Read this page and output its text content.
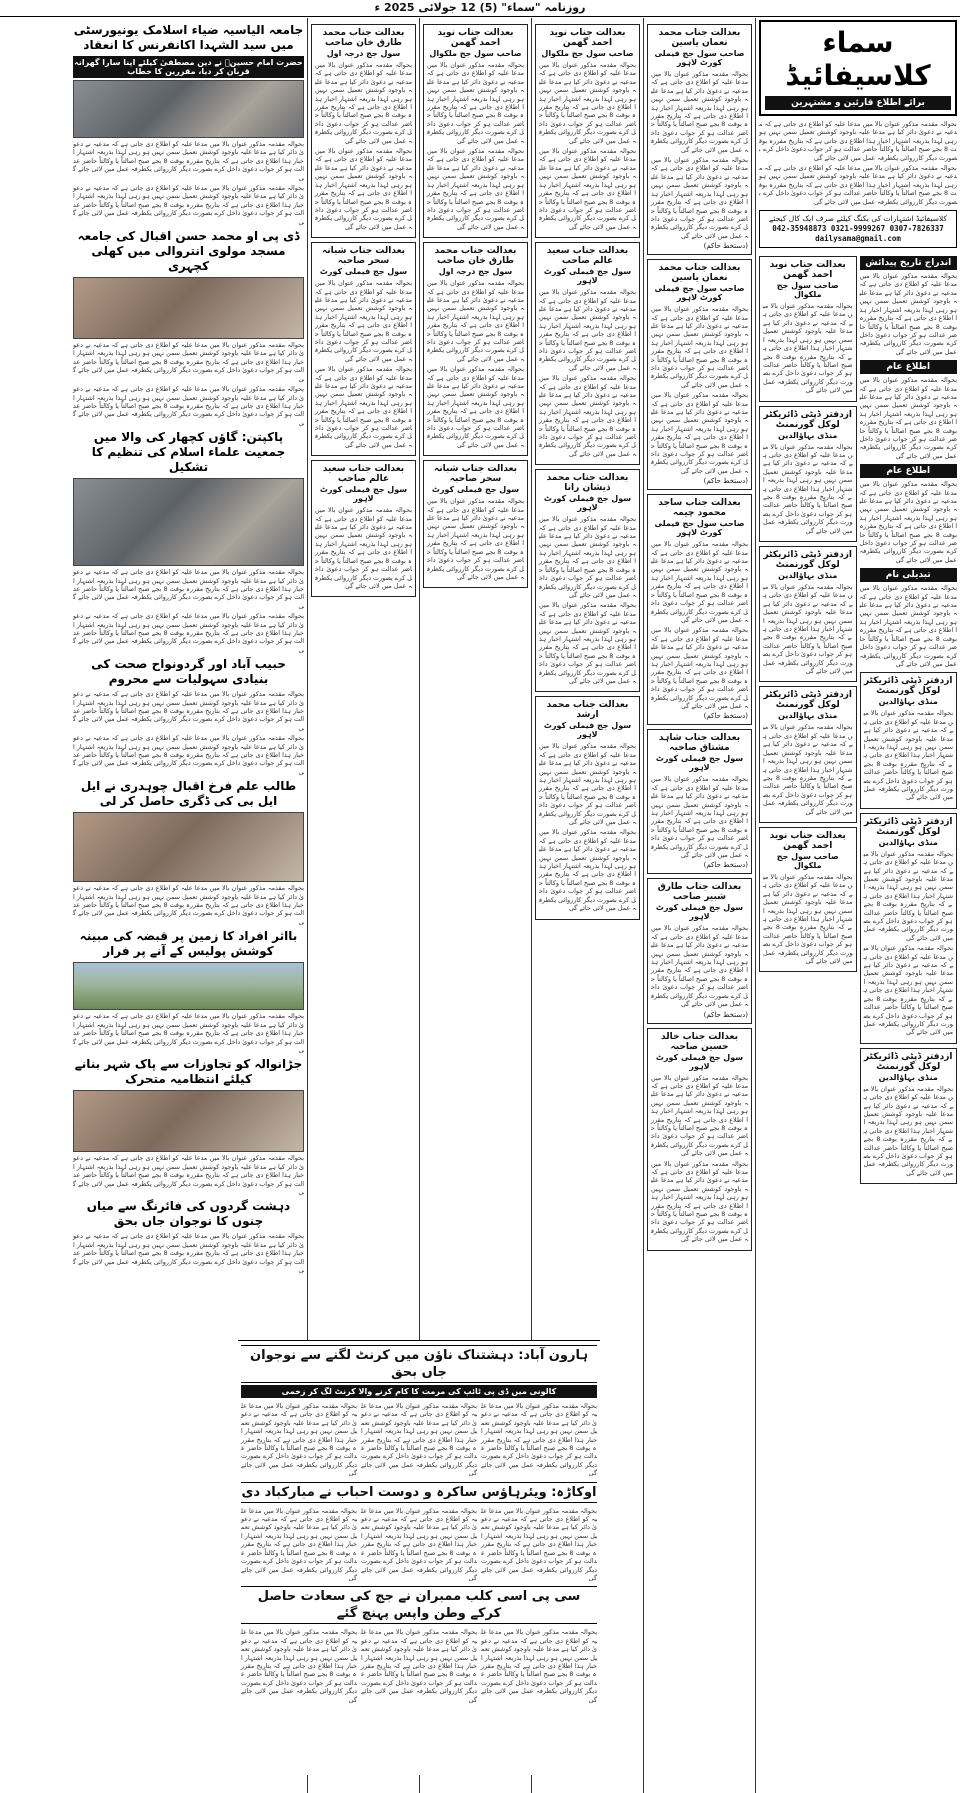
روزنامہ "سماء" (5) 12 جولائی 2025 ء
سماء کلاسیفائیڈ
برائے اطلاع قارئین و مشتہرین
بحوالہ مقدمہ مذکور عنوان بالا میں مدعا علیہ کو اطلاع دی جاتی ہے کہ مدعیہ نے دعویٰ دائر کیا ہے مدعا علیہ باوجود کوشش تعمیل سمن نہیں ہو رہی لہذا بذریعہ اشتہار اخبار ہذا اطلاع دی جاتی ہے کہ بتاریخ مقررہ بوقت 8 بجے صبح اصالتاً یا وکالتاً حاضر عدالت ہو کر جواب دعویٰ داخل کرے بصورت دیگر کارروائی یکطرفہ عمل میں لائی جائے گی
بحوالہ مقدمہ مذکور عنوان بالا میں مدعا علیہ کو اطلاع دی جاتی ہے کہ مدعیہ نے دعویٰ دائر کیا ہے مدعا علیہ باوجود کوشش تعمیل سمن نہیں ہو رہی لہذا بذریعہ اشتہار اخبار ہذا اطلاع دی جاتی ہے کہ بتاریخ مقررہ بوقت 8 بجے صبح اصالتاً یا وکالتاً حاضر عدالت ہو کر جواب دعویٰ داخل کرے بصورت دیگر کارروائی یکطرفہ عمل میں لائی جائے گی
کلاسیفائیڈ اشتہارات کی بکنگ کیلئے صرف ایک کال کیجئے
042-35948873 0321-9999267 0307-7826337
dailysama@gmail.com
اندراج تاریخ پیدائش
بحوالہ مقدمہ مذکور عنوان بالا میں مدعا علیہ کو اطلاع دی جاتی ہے کہ مدعیہ نے دعویٰ دائر کیا ہے مدعا علیہ باوجود کوشش تعمیل سمن نہیں ہو رہی لہذا بذریعہ اشتہار اخبار ہذا اطلاع دی جاتی ہے کہ بتاریخ مقررہ بوقت 8 بجے صبح اصالتاً یا وکالتاً حاضر عدالت ہو کر جواب دعویٰ داخل کرے بصورت دیگر کارروائی یکطرفہ عمل میں لائی جائے گی
اطلاع عام
بحوالہ مقدمہ مذکور عنوان بالا میں مدعا علیہ کو اطلاع دی جاتی ہے کہ مدعیہ نے دعویٰ دائر کیا ہے مدعا علیہ باوجود کوشش تعمیل سمن نہیں ہو رہی لہذا بذریعہ اشتہار اخبار ہذا اطلاع دی جاتی ہے کہ بتاریخ مقررہ بوقت 8 بجے صبح اصالتاً یا وکالتاً حاضر عدالت ہو کر جواب دعویٰ داخل کرے بصورت دیگر کارروائی یکطرفہ عمل میں لائی جائے گی
اطلاع عام
بحوالہ مقدمہ مذکور عنوان بالا میں مدعا علیہ کو اطلاع دی جاتی ہے کہ مدعیہ نے دعویٰ دائر کیا ہے مدعا علیہ باوجود کوشش تعمیل سمن نہیں ہو رہی لہذا بذریعہ اشتہار اخبار ہذا اطلاع دی جاتی ہے کہ بتاریخ مقررہ بوقت 8 بجے صبح اصالتاً یا وکالتاً حاضر عدالت ہو کر جواب دعویٰ داخل کرے بصورت دیگر کارروائی یکطرفہ عمل میں لائی جائے گی
تبدیلی نام
بحوالہ مقدمہ مذکور عنوان بالا میں مدعا علیہ کو اطلاع دی جاتی ہے کہ مدعیہ نے دعویٰ دائر کیا ہے مدعا علیہ باوجود کوشش تعمیل سمن نہیں ہو رہی لہذا بذریعہ اشتہار اخبار ہذا اطلاع دی جاتی ہے کہ بتاریخ مقررہ بوقت 8 بجے صبح اصالتاً یا وکالتاً حاضر عدالت ہو کر جواب دعویٰ داخل کرے بصورت دیگر کارروائی یکطرفہ عمل میں لائی جائے گی
ازدفتر ڈپٹی ڈائریکٹر لوکل گورنمنٹ
منڈی بہاؤالدین
بحوالہ مقدمہ مذکور عنوان بالا میں مدعا علیہ کو اطلاع دی جاتی ہے کہ مدعیہ نے دعویٰ دائر کیا ہے مدعا علیہ باوجود کوشش تعمیل سمن نہیں ہو رہی لہذا بذریعہ اشتہار اخبار ہذا اطلاع دی جاتی ہے کہ بتاریخ مقررہ بوقت 8 بجے صبح اصالتاً یا وکالتاً حاضر عدالت ہو کر جواب دعویٰ داخل کرے بصورت دیگر کارروائی یکطرفہ عمل میں لائی جائے گی
ازدفتر ڈپٹی ڈائریکٹر لوکل گورنمنٹ
منڈی بہاؤالدین
بحوالہ مقدمہ مذکور عنوان بالا میں مدعا علیہ کو اطلاع دی جاتی ہے کہ مدعیہ نے دعویٰ دائر کیا ہے مدعا علیہ باوجود کوشش تعمیل سمن نہیں ہو رہی لہذا بذریعہ اشتہار اخبار ہذا اطلاع دی جاتی ہے کہ بتاریخ مقررہ بوقت 8 بجے صبح اصالتاً یا وکالتاً حاضر عدالت ہو کر جواب دعویٰ داخل کرے بصورت دیگر کارروائی یکطرفہ عمل میں لائی جائے گی
بحوالہ مقدمہ مذکور عنوان بالا میں مدعا علیہ کو اطلاع دی جاتی ہے کہ مدعیہ نے دعویٰ دائر کیا ہے مدعا علیہ باوجود کوشش تعمیل سمن نہیں ہو رہی لہذا بذریعہ اشتہار اخبار ہذا اطلاع دی جاتی ہے کہ بتاریخ مقررہ بوقت 8 بجے صبح اصالتاً یا وکالتاً حاضر عدالت ہو کر جواب دعویٰ داخل کرے بصورت دیگر کارروائی یکطرفہ عمل میں لائی جائے گی
ازدفتر ڈپٹی ڈائریکٹر لوکل گورنمنٹ
منڈی بہاؤالدین
بحوالہ مقدمہ مذکور عنوان بالا میں مدعا علیہ کو اطلاع دی جاتی ہے کہ مدعیہ نے دعویٰ دائر کیا ہے مدعا علیہ باوجود کوشش تعمیل سمن نہیں ہو رہی لہذا بذریعہ اشتہار اخبار ہذا اطلاع دی جاتی ہے کہ بتاریخ مقررہ بوقت 8 بجے صبح اصالتاً یا وکالتاً حاضر عدالت ہو کر جواب دعویٰ داخل کرے بصورت دیگر کارروائی یکطرفہ عمل میں لائی جائے گی
بعدالت جناب نوید احمد گھمن
صاحب سول جج ملکوال
بحوالہ مقدمہ مذکور عنوان بالا میں مدعا علیہ کو اطلاع دی جاتی ہے کہ مدعیہ نے دعویٰ دائر کیا ہے مدعا علیہ باوجود کوشش تعمیل سمن نہیں ہو رہی لہذا بذریعہ اشتہار اخبار ہذا اطلاع دی جاتی ہے کہ بتاریخ مقررہ بوقت 8 بجے صبح اصالتاً یا وکالتاً حاضر عدالت ہو کر جواب دعویٰ داخل کرے بصورت دیگر کارروائی یکطرفہ عمل میں لائی جائے گی
ازدفتر ڈپٹی ڈائریکٹر لوکل گورنمنٹ
منڈی بہاؤالدین
بحوالہ مقدمہ مذکور عنوان بالا میں مدعا علیہ کو اطلاع دی جاتی ہے کہ مدعیہ نے دعویٰ دائر کیا ہے مدعا علیہ باوجود کوشش تعمیل سمن نہیں ہو رہی لہذا بذریعہ اشتہار اخبار ہذا اطلاع دی جاتی ہے کہ بتاریخ مقررہ بوقت 8 بجے صبح اصالتاً یا وکالتاً حاضر عدالت ہو کر جواب دعویٰ داخل کرے بصورت دیگر کارروائی یکطرفہ عمل میں لائی جائے گی
ازدفتر ڈپٹی ڈائریکٹر لوکل گورنمنٹ
منڈی بہاؤالدین
بحوالہ مقدمہ مذکور عنوان بالا میں مدعا علیہ کو اطلاع دی جاتی ہے کہ مدعیہ نے دعویٰ دائر کیا ہے مدعا علیہ باوجود کوشش تعمیل سمن نہیں ہو رہی لہذا بذریعہ اشتہار اخبار ہذا اطلاع دی جاتی ہے کہ بتاریخ مقررہ بوقت 8 بجے صبح اصالتاً یا وکالتاً حاضر عدالت ہو کر جواب دعویٰ داخل کرے بصورت دیگر کارروائی یکطرفہ عمل میں لائی جائے گی
ازدفتر ڈپٹی ڈائریکٹر لوکل گورنمنٹ
منڈی بہاؤالدین
بحوالہ مقدمہ مذکور عنوان بالا میں مدعا علیہ کو اطلاع دی جاتی ہے کہ مدعیہ نے دعویٰ دائر کیا ہے مدعا علیہ باوجود کوشش تعمیل سمن نہیں ہو رہی لہذا بذریعہ اشتہار اخبار ہذا اطلاع دی جاتی ہے کہ بتاریخ مقررہ بوقت 8 بجے صبح اصالتاً یا وکالتاً حاضر عدالت ہو کر جواب دعویٰ داخل کرے بصورت دیگر کارروائی یکطرفہ عمل میں لائی جائے گی
بعدالت جناب نوید احمد گھمن
صاحب سول جج ملکوال
بحوالہ مقدمہ مذکور عنوان بالا میں مدعا علیہ کو اطلاع دی جاتی ہے کہ مدعیہ نے دعویٰ دائر کیا ہے مدعا علیہ باوجود کوشش تعمیل سمن نہیں ہو رہی لہذا بذریعہ اشتہار اخبار ہذا اطلاع دی جاتی ہے کہ بتاریخ مقررہ بوقت 8 بجے صبح اصالتاً یا وکالتاً حاضر عدالت ہو کر جواب دعویٰ داخل کرے بصورت دیگر کارروائی یکطرفہ عمل میں لائی جائے گی
بعدالت جناب محمد نعمان یاسین
صاحب سول جج فیملی کورٹ لاہور
بحوالہ مقدمہ مذکور عنوان بالا میں مدعا علیہ کو اطلاع دی جاتی ہے کہ مدعیہ نے دعویٰ دائر کیا ہے مدعا علیہ باوجود کوشش تعمیل سمن نہیں ہو رہی لہذا بذریعہ اشتہار اخبار ہذا اطلاع دی جاتی ہے کہ بتاریخ مقررہ بوقت 8 بجے صبح اصالتاً یا وکالتاً حاضر عدالت ہو کر جواب دعویٰ داخل کرے بصورت دیگر کارروائی یکطرفہ عمل میں لائی جائے گی
بحوالہ مقدمہ مذکور عنوان بالا میں مدعا علیہ کو اطلاع دی جاتی ہے کہ مدعیہ نے دعویٰ دائر کیا ہے مدعا علیہ باوجود کوشش تعمیل سمن نہیں ہو رہی لہذا بذریعہ اشتہار اخبار ہذا اطلاع دی جاتی ہے کہ بتاریخ مقررہ بوقت 8 بجے صبح اصالتاً یا وکالتاً حاضر عدالت ہو کر جواب دعویٰ داخل کرے بصورت دیگر کارروائی یکطرفہ عمل میں لائی جائے گی
(دستخط حاکم)
بعدالت جناب محمد نعمان یاسین
صاحب سول جج فیملی کورٹ لاہور
بحوالہ مقدمہ مذکور عنوان بالا میں مدعا علیہ کو اطلاع دی جاتی ہے کہ مدعیہ نے دعویٰ دائر کیا ہے مدعا علیہ باوجود کوشش تعمیل سمن نہیں ہو رہی لہذا بذریعہ اشتہار اخبار ہذا اطلاع دی جاتی ہے کہ بتاریخ مقررہ بوقت 8 بجے صبح اصالتاً یا وکالتاً حاضر عدالت ہو کر جواب دعویٰ داخل کرے بصورت دیگر کارروائی یکطرفہ عمل میں لائی جائے گی
بحوالہ مقدمہ مذکور عنوان بالا میں مدعا علیہ کو اطلاع دی جاتی ہے کہ مدعیہ نے دعویٰ دائر کیا ہے مدعا علیہ باوجود کوشش تعمیل سمن نہیں ہو رہی لہذا بذریعہ اشتہار اخبار ہذا اطلاع دی جاتی ہے کہ بتاریخ مقررہ بوقت 8 بجے صبح اصالتاً یا وکالتاً حاضر عدالت ہو کر جواب دعویٰ داخل کرے بصورت دیگر کارروائی یکطرفہ عمل میں لائی جائے گی
(دستخط حاکم)
بعدالت جناب ساجد محمود چیمہ
صاحب سول جج فیملی کورٹ لاہور
بحوالہ مقدمہ مذکور عنوان بالا میں مدعا علیہ کو اطلاع دی جاتی ہے کہ مدعیہ نے دعویٰ دائر کیا ہے مدعا علیہ باوجود کوشش تعمیل سمن نہیں ہو رہی لہذا بذریعہ اشتہار اخبار ہذا اطلاع دی جاتی ہے کہ بتاریخ مقررہ بوقت 8 بجے صبح اصالتاً یا وکالتاً حاضر عدالت ہو کر جواب دعویٰ داخل کرے بصورت دیگر کارروائی یکطرفہ عمل میں لائی جائے گی
بحوالہ مقدمہ مذکور عنوان بالا میں مدعا علیہ کو اطلاع دی جاتی ہے کہ مدعیہ نے دعویٰ دائر کیا ہے مدعا علیہ باوجود کوشش تعمیل سمن نہیں ہو رہی لہذا بذریعہ اشتہار اخبار ہذا اطلاع دی جاتی ہے کہ بتاریخ مقررہ بوقت 8 بجے صبح اصالتاً یا وکالتاً حاضر عدالت ہو کر جواب دعویٰ داخل کرے بصورت دیگر کارروائی یکطرفہ عمل میں لائی جائے گی
(دستخط حاکم)
بعدالت جناب شاہد مشتاق صاحبہ
سول جج فیملی کورٹ لاہور
بحوالہ مقدمہ مذکور عنوان بالا میں مدعا علیہ کو اطلاع دی جاتی ہے کہ مدعیہ نے دعویٰ دائر کیا ہے مدعا علیہ باوجود کوشش تعمیل سمن نہیں ہو رہی لہذا بذریعہ اشتہار اخبار ہذا اطلاع دی جاتی ہے کہ بتاریخ مقررہ بوقت 8 بجے صبح اصالتاً یا وکالتاً حاضر عدالت ہو کر جواب دعویٰ داخل کرے بصورت دیگر کارروائی یکطرفہ عمل میں لائی جائے گی
(دستخط حاکم)
بعدالت جناب طارق شبیر صاحب
سول جج فیملی کورٹ لاہور
بحوالہ مقدمہ مذکور عنوان بالا میں مدعا علیہ کو اطلاع دی جاتی ہے کہ مدعیہ نے دعویٰ دائر کیا ہے مدعا علیہ باوجود کوشش تعمیل سمن نہیں ہو رہی لہذا بذریعہ اشتہار اخبار ہذا اطلاع دی جاتی ہے کہ بتاریخ مقررہ بوقت 8 بجے صبح اصالتاً یا وکالتاً حاضر عدالت ہو کر جواب دعویٰ داخل کرے بصورت دیگر کارروائی یکطرفہ عمل میں لائی جائے گی
(دستخط حاکم)
بعدالت جناب خالد حسین صاحبہ
سول جج فیملی کورٹ لاہور
بحوالہ مقدمہ مذکور عنوان بالا میں مدعا علیہ کو اطلاع دی جاتی ہے کہ مدعیہ نے دعویٰ دائر کیا ہے مدعا علیہ باوجود کوشش تعمیل سمن نہیں ہو رہی لہذا بذریعہ اشتہار اخبار ہذا اطلاع دی جاتی ہے کہ بتاریخ مقررہ بوقت 8 بجے صبح اصالتاً یا وکالتاً حاضر عدالت ہو کر جواب دعویٰ داخل کرے بصورت دیگر کارروائی یکطرفہ عمل میں لائی جائے گی
بحوالہ مقدمہ مذکور عنوان بالا میں مدعا علیہ کو اطلاع دی جاتی ہے کہ مدعیہ نے دعویٰ دائر کیا ہے مدعا علیہ باوجود کوشش تعمیل سمن نہیں ہو رہی لہذا بذریعہ اشتہار اخبار ہذا اطلاع دی جاتی ہے کہ بتاریخ مقررہ بوقت 8 بجے صبح اصالتاً یا وکالتاً حاضر عدالت ہو کر جواب دعویٰ داخل کرے بصورت دیگر کارروائی یکطرفہ عمل میں لائی جائے گی
بعدالت جناب نوید احمد گھمن
صاحب سول جج ملکوال
بحوالہ مقدمہ مذکور عنوان بالا میں مدعا علیہ کو اطلاع دی جاتی ہے کہ مدعیہ نے دعویٰ دائر کیا ہے مدعا علیہ باوجود کوشش تعمیل سمن نہیں ہو رہی لہذا بذریعہ اشتہار اخبار ہذا اطلاع دی جاتی ہے کہ بتاریخ مقررہ بوقت 8 بجے صبح اصالتاً یا وکالتاً حاضر عدالت ہو کر جواب دعویٰ داخل کرے بصورت دیگر کارروائی یکطرفہ عمل میں لائی جائے گی
بحوالہ مقدمہ مذکور عنوان بالا میں مدعا علیہ کو اطلاع دی جاتی ہے کہ مدعیہ نے دعویٰ دائر کیا ہے مدعا علیہ باوجود کوشش تعمیل سمن نہیں ہو رہی لہذا بذریعہ اشتہار اخبار ہذا اطلاع دی جاتی ہے کہ بتاریخ مقررہ بوقت 8 بجے صبح اصالتاً یا وکالتاً حاضر عدالت ہو کر جواب دعویٰ داخل کرے بصورت دیگر کارروائی یکطرفہ عمل میں لائی جائے گی
بعدالت جناب سعید عالم صاحب
سول جج فیملی کورٹ لاہور
بحوالہ مقدمہ مذکور عنوان بالا میں مدعا علیہ کو اطلاع دی جاتی ہے کہ مدعیہ نے دعویٰ دائر کیا ہے مدعا علیہ باوجود کوشش تعمیل سمن نہیں ہو رہی لہذا بذریعہ اشتہار اخبار ہذا اطلاع دی جاتی ہے کہ بتاریخ مقررہ بوقت 8 بجے صبح اصالتاً یا وکالتاً حاضر عدالت ہو کر جواب دعویٰ داخل کرے بصورت دیگر کارروائی یکطرفہ عمل میں لائی جائے گی
بحوالہ مقدمہ مذکور عنوان بالا میں مدعا علیہ کو اطلاع دی جاتی ہے کہ مدعیہ نے دعویٰ دائر کیا ہے مدعا علیہ باوجود کوشش تعمیل سمن نہیں ہو رہی لہذا بذریعہ اشتہار اخبار ہذا اطلاع دی جاتی ہے کہ بتاریخ مقررہ بوقت 8 بجے صبح اصالتاً یا وکالتاً حاضر عدالت ہو کر جواب دعویٰ داخل کرے بصورت دیگر کارروائی یکطرفہ عمل میں لائی جائے گی
بعدالت جناب محمد ذیشان رانا
سول جج فیملی کورٹ لاہور
بحوالہ مقدمہ مذکور عنوان بالا میں مدعا علیہ کو اطلاع دی جاتی ہے کہ مدعیہ نے دعویٰ دائر کیا ہے مدعا علیہ باوجود کوشش تعمیل سمن نہیں ہو رہی لہذا بذریعہ اشتہار اخبار ہذا اطلاع دی جاتی ہے کہ بتاریخ مقررہ بوقت 8 بجے صبح اصالتاً یا وکالتاً حاضر عدالت ہو کر جواب دعویٰ داخل کرے بصورت دیگر کارروائی یکطرفہ عمل میں لائی جائے گی
بحوالہ مقدمہ مذکور عنوان بالا میں مدعا علیہ کو اطلاع دی جاتی ہے کہ مدعیہ نے دعویٰ دائر کیا ہے مدعا علیہ باوجود کوشش تعمیل سمن نہیں ہو رہی لہذا بذریعہ اشتہار اخبار ہذا اطلاع دی جاتی ہے کہ بتاریخ مقررہ بوقت 8 بجے صبح اصالتاً یا وکالتاً حاضر عدالت ہو کر جواب دعویٰ داخل کرے بصورت دیگر کارروائی یکطرفہ عمل میں لائی جائے گی
بعدالت جناب محمد ارشد
سول جج فیملی کورٹ لاہور
بحوالہ مقدمہ مذکور عنوان بالا میں مدعا علیہ کو اطلاع دی جاتی ہے کہ مدعیہ نے دعویٰ دائر کیا ہے مدعا علیہ باوجود کوشش تعمیل سمن نہیں ہو رہی لہذا بذریعہ اشتہار اخبار ہذا اطلاع دی جاتی ہے کہ بتاریخ مقررہ بوقت 8 بجے صبح اصالتاً یا وکالتاً حاضر عدالت ہو کر جواب دعویٰ داخل کرے بصورت دیگر کارروائی یکطرفہ عمل میں لائی جائے گی
بحوالہ مقدمہ مذکور عنوان بالا میں مدعا علیہ کو اطلاع دی جاتی ہے کہ مدعیہ نے دعویٰ دائر کیا ہے مدعا علیہ باوجود کوشش تعمیل سمن نہیں ہو رہی لہذا بذریعہ اشتہار اخبار ہذا اطلاع دی جاتی ہے کہ بتاریخ مقررہ بوقت 8 بجے صبح اصالتاً یا وکالتاً حاضر عدالت ہو کر جواب دعویٰ داخل کرے بصورت دیگر کارروائی یکطرفہ عمل میں لائی جائے گی
بعدالت جناب نوید احمد گھمن
صاحب سول جج ملکوال
بحوالہ مقدمہ مذکور عنوان بالا میں مدعا علیہ کو اطلاع دی جاتی ہے کہ مدعیہ نے دعویٰ دائر کیا ہے مدعا علیہ باوجود کوشش تعمیل سمن نہیں ہو رہی لہذا بذریعہ اشتہار اخبار ہذا اطلاع دی جاتی ہے کہ بتاریخ مقررہ بوقت 8 بجے صبح اصالتاً یا وکالتاً حاضر عدالت ہو کر جواب دعویٰ داخل کرے بصورت دیگر کارروائی یکطرفہ عمل میں لائی جائے گی
بحوالہ مقدمہ مذکور عنوان بالا میں مدعا علیہ کو اطلاع دی جاتی ہے کہ مدعیہ نے دعویٰ دائر کیا ہے مدعا علیہ باوجود کوشش تعمیل سمن نہیں ہو رہی لہذا بذریعہ اشتہار اخبار ہذا اطلاع دی جاتی ہے کہ بتاریخ مقررہ بوقت 8 بجے صبح اصالتاً یا وکالتاً حاضر عدالت ہو کر جواب دعویٰ داخل کرے بصورت دیگر کارروائی یکطرفہ عمل میں لائی جائے گی
بعدالت جناب محمد طارق خان صاحب
سول جج درجہ اول
بحوالہ مقدمہ مذکور عنوان بالا میں مدعا علیہ کو اطلاع دی جاتی ہے کہ مدعیہ نے دعویٰ دائر کیا ہے مدعا علیہ باوجود کوشش تعمیل سمن نہیں ہو رہی لہذا بذریعہ اشتہار اخبار ہذا اطلاع دی جاتی ہے کہ بتاریخ مقررہ بوقت 8 بجے صبح اصالتاً یا وکالتاً حاضر عدالت ہو کر جواب دعویٰ داخل کرے بصورت دیگر کارروائی یکطرفہ عمل میں لائی جائے گی
بحوالہ مقدمہ مذکور عنوان بالا میں مدعا علیہ کو اطلاع دی جاتی ہے کہ مدعیہ نے دعویٰ دائر کیا ہے مدعا علیہ باوجود کوشش تعمیل سمن نہیں ہو رہی لہذا بذریعہ اشتہار اخبار ہذا اطلاع دی جاتی ہے کہ بتاریخ مقررہ بوقت 8 بجے صبح اصالتاً یا وکالتاً حاضر عدالت ہو کر جواب دعویٰ داخل کرے بصورت دیگر کارروائی یکطرفہ عمل میں لائی جائے گی
بعدالت جناب شبانہ سحر صاحبہ
سول جج فیملی کورٹ
بحوالہ مقدمہ مذکور عنوان بالا میں مدعا علیہ کو اطلاع دی جاتی ہے کہ مدعیہ نے دعویٰ دائر کیا ہے مدعا علیہ باوجود کوشش تعمیل سمن نہیں ہو رہی لہذا بذریعہ اشتہار اخبار ہذا اطلاع دی جاتی ہے کہ بتاریخ مقررہ بوقت 8 بجے صبح اصالتاً یا وکالتاً حاضر عدالت ہو کر جواب دعویٰ داخل کرے بصورت دیگر کارروائی یکطرفہ عمل میں لائی جائے گی
بعدالت جناب محمد طارق خان صاحب
سول جج درجہ اول
بحوالہ مقدمہ مذکور عنوان بالا میں مدعا علیہ کو اطلاع دی جاتی ہے کہ مدعیہ نے دعویٰ دائر کیا ہے مدعا علیہ باوجود کوشش تعمیل سمن نہیں ہو رہی لہذا بذریعہ اشتہار اخبار ہذا اطلاع دی جاتی ہے کہ بتاریخ مقررہ بوقت 8 بجے صبح اصالتاً یا وکالتاً حاضر عدالت ہو کر جواب دعویٰ داخل کرے بصورت دیگر کارروائی یکطرفہ عمل میں لائی جائے گی
بحوالہ مقدمہ مذکور عنوان بالا میں مدعا علیہ کو اطلاع دی جاتی ہے کہ مدعیہ نے دعویٰ دائر کیا ہے مدعا علیہ باوجود کوشش تعمیل سمن نہیں ہو رہی لہذا بذریعہ اشتہار اخبار ہذا اطلاع دی جاتی ہے کہ بتاریخ مقررہ بوقت 8 بجے صبح اصالتاً یا وکالتاً حاضر عدالت ہو کر جواب دعویٰ داخل کرے بصورت دیگر کارروائی یکطرفہ عمل میں لائی جائے گی
بعدالت جناب شبانہ سحر صاحبہ
سول جج فیملی کورٹ
بحوالہ مقدمہ مذکور عنوان بالا میں مدعا علیہ کو اطلاع دی جاتی ہے کہ مدعیہ نے دعویٰ دائر کیا ہے مدعا علیہ باوجود کوشش تعمیل سمن نہیں ہو رہی لہذا بذریعہ اشتہار اخبار ہذا اطلاع دی جاتی ہے کہ بتاریخ مقررہ بوقت 8 بجے صبح اصالتاً یا وکالتاً حاضر عدالت ہو کر جواب دعویٰ داخل کرے بصورت دیگر کارروائی یکطرفہ عمل میں لائی جائے گی
بحوالہ مقدمہ مذکور عنوان بالا میں مدعا علیہ کو اطلاع دی جاتی ہے کہ مدعیہ نے دعویٰ دائر کیا ہے مدعا علیہ باوجود کوشش تعمیل سمن نہیں ہو رہی لہذا بذریعہ اشتہار اخبار ہذا اطلاع دی جاتی ہے کہ بتاریخ مقررہ بوقت 8 بجے صبح اصالتاً یا وکالتاً حاضر عدالت ہو کر جواب دعویٰ داخل کرے بصورت دیگر کارروائی یکطرفہ عمل میں لائی جائے گی
بعدالت جناب سعید عالم صاحب
سول جج فیملی کورٹ لاہور
بحوالہ مقدمہ مذکور عنوان بالا میں مدعا علیہ کو اطلاع دی جاتی ہے کہ مدعیہ نے دعویٰ دائر کیا ہے مدعا علیہ باوجود کوشش تعمیل سمن نہیں ہو رہی لہذا بذریعہ اشتہار اخبار ہذا اطلاع دی جاتی ہے کہ بتاریخ مقررہ بوقت 8 بجے صبح اصالتاً یا وکالتاً حاضر عدالت ہو کر جواب دعویٰ داخل کرے بصورت دیگر کارروائی یکطرفہ عمل میں لائی جائے گی
جامعہ الیاسیہ ضیاء اسلامک یونیورسٹی میں سید الشہدا اکانفرنس کا انعقاد
حضرت امام حسینؓ نے دین مصطفیٰ کیلئے اپنا سارا گھرانہ قربان کر دیا، مقررین کا خطاب
بحوالہ مقدمہ مذکور عنوان بالا میں مدعا علیہ کو اطلاع دی جاتی ہے کہ مدعیہ نے دعویٰ دائر کیا ہے مدعا علیہ باوجود کوشش تعمیل سمن نہیں ہو رہی لہذا بذریعہ اشتہار اخبار ہذا اطلاع دی جاتی ہے کہ بتاریخ مقررہ بوقت 8 بجے صبح اصالتاً یا وکالتاً حاضر عدالت ہو کر جواب دعویٰ داخل کرے بصورت دیگر کارروائی یکطرفہ عمل میں لائی جائے گی
بحوالہ مقدمہ مذکور عنوان بالا میں مدعا علیہ کو اطلاع دی جاتی ہے کہ مدعیہ نے دعویٰ دائر کیا ہے مدعا علیہ باوجود کوشش تعمیل سمن نہیں ہو رہی لہذا بذریعہ اشتہار اخبار ہذا اطلاع دی جاتی ہے کہ بتاریخ مقررہ بوقت 8 بجے صبح اصالتاً یا وکالتاً حاضر عدالت ہو کر جواب دعویٰ داخل کرے بصورت دیگر کارروائی یکطرفہ عمل میں لائی جائے گی
ڈی پی او محمد حسن اقبال کی جامعہ مسجد مولوی انتروالی میں کھلی کچہری
بحوالہ مقدمہ مذکور عنوان بالا میں مدعا علیہ کو اطلاع دی جاتی ہے کہ مدعیہ نے دعویٰ دائر کیا ہے مدعا علیہ باوجود کوشش تعمیل سمن نہیں ہو رہی لہذا بذریعہ اشتہار اخبار ہذا اطلاع دی جاتی ہے کہ بتاریخ مقررہ بوقت 8 بجے صبح اصالتاً یا وکالتاً حاضر عدالت ہو کر جواب دعویٰ داخل کرے بصورت دیگر کارروائی یکطرفہ عمل میں لائی جائے گی
بحوالہ مقدمہ مذکور عنوان بالا میں مدعا علیہ کو اطلاع دی جاتی ہے کہ مدعیہ نے دعویٰ دائر کیا ہے مدعا علیہ باوجود کوشش تعمیل سمن نہیں ہو رہی لہذا بذریعہ اشتہار اخبار ہذا اطلاع دی جاتی ہے کہ بتاریخ مقررہ بوقت 8 بجے صبح اصالتاً یا وکالتاً حاضر عدالت ہو کر جواب دعویٰ داخل کرے بصورت دیگر کارروائی یکطرفہ عمل میں لائی جائے گی
پاکپتن: گاؤں کچھار کی والا میں جمعیت علماء اسلام کی تنظیم کا تشکیل
بحوالہ مقدمہ مذکور عنوان بالا میں مدعا علیہ کو اطلاع دی جاتی ہے کہ مدعیہ نے دعویٰ دائر کیا ہے مدعا علیہ باوجود کوشش تعمیل سمن نہیں ہو رہی لہذا بذریعہ اشتہار اخبار ہذا اطلاع دی جاتی ہے کہ بتاریخ مقررہ بوقت 8 بجے صبح اصالتاً یا وکالتاً حاضر عدالت ہو کر جواب دعویٰ داخل کرے بصورت دیگر کارروائی یکطرفہ عمل میں لائی جائے گی
بحوالہ مقدمہ مذکور عنوان بالا میں مدعا علیہ کو اطلاع دی جاتی ہے کہ مدعیہ نے دعویٰ دائر کیا ہے مدعا علیہ باوجود کوشش تعمیل سمن نہیں ہو رہی لہذا بذریعہ اشتہار اخبار ہذا اطلاع دی جاتی ہے کہ بتاریخ مقررہ بوقت 8 بجے صبح اصالتاً یا وکالتاً حاضر عدالت ہو کر جواب دعویٰ داخل کرے بصورت دیگر کارروائی یکطرفہ عمل میں لائی جائے گی
حبیب آباد اور گردونواح صحت کی بنیادی سہولیات سے محروم
بحوالہ مقدمہ مذکور عنوان بالا میں مدعا علیہ کو اطلاع دی جاتی ہے کہ مدعیہ نے دعویٰ دائر کیا ہے مدعا علیہ باوجود کوشش تعمیل سمن نہیں ہو رہی لہذا بذریعہ اشتہار اخبار ہذا اطلاع دی جاتی ہے کہ بتاریخ مقررہ بوقت 8 بجے صبح اصالتاً یا وکالتاً حاضر عدالت ہو کر جواب دعویٰ داخل کرے بصورت دیگر کارروائی یکطرفہ عمل میں لائی جائے گی
بحوالہ مقدمہ مذکور عنوان بالا میں مدعا علیہ کو اطلاع دی جاتی ہے کہ مدعیہ نے دعویٰ دائر کیا ہے مدعا علیہ باوجود کوشش تعمیل سمن نہیں ہو رہی لہذا بذریعہ اشتہار اخبار ہذا اطلاع دی جاتی ہے کہ بتاریخ مقررہ بوقت 8 بجے صبح اصالتاً یا وکالتاً حاضر عدالت ہو کر جواب دعویٰ داخل کرے بصورت دیگر کارروائی یکطرفہ عمل میں لائی جائے گی
طالب علم فرخ اقبال چوہدری نے ایل ایل بی کی ڈگری حاصل کر لی
بحوالہ مقدمہ مذکور عنوان بالا میں مدعا علیہ کو اطلاع دی جاتی ہے کہ مدعیہ نے دعویٰ دائر کیا ہے مدعا علیہ باوجود کوشش تعمیل سمن نہیں ہو رہی لہذا بذریعہ اشتہار اخبار ہذا اطلاع دی جاتی ہے کہ بتاریخ مقررہ بوقت 8 بجے صبح اصالتاً یا وکالتاً حاضر عدالت ہو کر جواب دعویٰ داخل کرے بصورت دیگر کارروائی یکطرفہ عمل میں لائی جائے گی
بااثر افراد کا زمین پر قبضہ کی مبینہ کوشش پولیس کے آنے پر فرار
بحوالہ مقدمہ مذکور عنوان بالا میں مدعا علیہ کو اطلاع دی جاتی ہے کہ مدعیہ نے دعویٰ دائر کیا ہے مدعا علیہ باوجود کوشش تعمیل سمن نہیں ہو رہی لہذا بذریعہ اشتہار اخبار ہذا اطلاع دی جاتی ہے کہ بتاریخ مقررہ بوقت 8 بجے صبح اصالتاً یا وکالتاً حاضر عدالت ہو کر جواب دعویٰ داخل کرے بصورت دیگر کارروائی یکطرفہ عمل میں لائی جائے گی
جڑانوالہ کو تجاوزات سے پاک شہر بنانے کیلئے انتظامیہ متحرک
بحوالہ مقدمہ مذکور عنوان بالا میں مدعا علیہ کو اطلاع دی جاتی ہے کہ مدعیہ نے دعویٰ دائر کیا ہے مدعا علیہ باوجود کوشش تعمیل سمن نہیں ہو رہی لہذا بذریعہ اشتہار اخبار ہذا اطلاع دی جاتی ہے کہ بتاریخ مقررہ بوقت 8 بجے صبح اصالتاً یا وکالتاً حاضر عدالت ہو کر جواب دعویٰ داخل کرے بصورت دیگر کارروائی یکطرفہ عمل میں لائی جائے گی
دہشت گردوں کی فائرنگ سے میاں چنوں کا نوجوان جاں بحق
بحوالہ مقدمہ مذکور عنوان بالا میں مدعا علیہ کو اطلاع دی جاتی ہے کہ مدعیہ نے دعویٰ دائر کیا ہے مدعا علیہ باوجود کوشش تعمیل سمن نہیں ہو رہی لہذا بذریعہ اشتہار اخبار ہذا اطلاع دی جاتی ہے کہ بتاریخ مقررہ بوقت 8 بجے صبح اصالتاً یا وکالتاً حاضر عدالت ہو کر جواب دعویٰ داخل کرے بصورت دیگر کارروائی یکطرفہ عمل میں لائی جائے گی
ہارون آباد: دہشتناک ناؤن میں کرنٹ لگنے سے نوجوان جاں بحق
کالونی میں ڈی پی ٹائپ کی مرمت کا کام کرنے والا کرنٹ لگ کر زخمی
بحوالہ مقدمہ مذکور عنوان بالا میں مدعا علیہ کو اطلاع دی جاتی ہے کہ مدعیہ نے دعویٰ دائر کیا ہے مدعا علیہ باوجود کوشش تعمیل سمن نہیں ہو رہی لہذا بذریعہ اشتہار اخبار ہذا اطلاع دی جاتی ہے کہ بتاریخ مقررہ بوقت 8 بجے صبح اصالتاً یا وکالتاً حاضر عدالت ہو کر جواب دعویٰ داخل کرے بصورت دیگر کارروائی یکطرفہ عمل میں لائی جائے گی
بحوالہ مقدمہ مذکور عنوان بالا میں مدعا علیہ کو اطلاع دی جاتی ہے کہ مدعیہ نے دعویٰ دائر کیا ہے مدعا علیہ باوجود کوشش تعمیل سمن نہیں ہو رہی لہذا بذریعہ اشتہار اخبار ہذا اطلاع دی جاتی ہے کہ بتاریخ مقررہ بوقت 8 بجے صبح اصالتاً یا وکالتاً حاضر عدالت ہو کر جواب دعویٰ داخل کرے بصورت دیگر کارروائی یکطرفہ عمل میں لائی جائے گی
بحوالہ مقدمہ مذکور عنوان بالا میں مدعا علیہ کو اطلاع دی جاتی ہے کہ مدعیہ نے دعویٰ دائر کیا ہے مدعا علیہ باوجود کوشش تعمیل سمن نہیں ہو رہی لہذا بذریعہ اشتہار اخبار ہذا اطلاع دی جاتی ہے کہ بتاریخ مقررہ بوقت 8 بجے صبح اصالتاً یا وکالتاً حاضر عدالت ہو کر جواب دعویٰ داخل کرے بصورت دیگر کارروائی یکطرفہ عمل میں لائی جائے گی
اوکاڑہ: ویئرہاؤس ساکرہ و دوست احباب نے مبارکباد دی
بحوالہ مقدمہ مذکور عنوان بالا میں مدعا علیہ کو اطلاع دی جاتی ہے کہ مدعیہ نے دعویٰ دائر کیا ہے مدعا علیہ باوجود کوشش تعمیل سمن نہیں ہو رہی لہذا بذریعہ اشتہار اخبار ہذا اطلاع دی جاتی ہے کہ بتاریخ مقررہ بوقت 8 بجے صبح اصالتاً یا وکالتاً حاضر عدالت ہو کر جواب دعویٰ داخل کرے بصورت دیگر کارروائی یکطرفہ عمل میں لائی جائے گی
بحوالہ مقدمہ مذکور عنوان بالا میں مدعا علیہ کو اطلاع دی جاتی ہے کہ مدعیہ نے دعویٰ دائر کیا ہے مدعا علیہ باوجود کوشش تعمیل سمن نہیں ہو رہی لہذا بذریعہ اشتہار اخبار ہذا اطلاع دی جاتی ہے کہ بتاریخ مقررہ بوقت 8 بجے صبح اصالتاً یا وکالتاً حاضر عدالت ہو کر جواب دعویٰ داخل کرے بصورت دیگر کارروائی یکطرفہ عمل میں لائی جائے گی
بحوالہ مقدمہ مذکور عنوان بالا میں مدعا علیہ کو اطلاع دی جاتی ہے کہ مدعیہ نے دعویٰ دائر کیا ہے مدعا علیہ باوجود کوشش تعمیل سمن نہیں ہو رہی لہذا بذریعہ اشتہار اخبار ہذا اطلاع دی جاتی ہے کہ بتاریخ مقررہ بوقت 8 بجے صبح اصالتاً یا وکالتاً حاضر عدالت ہو کر جواب دعویٰ داخل کرے بصورت دیگر کارروائی یکطرفہ عمل میں لائی جائے گی
سی پی اسی کلب ممبران نے جج کی سعادت حاصل کرکے وطن واپس پہنچ گئے
بحوالہ مقدمہ مذکور عنوان بالا میں مدعا علیہ کو اطلاع دی جاتی ہے کہ مدعیہ نے دعویٰ دائر کیا ہے مدعا علیہ باوجود کوشش تعمیل سمن نہیں ہو رہی لہذا بذریعہ اشتہار اخبار ہذا اطلاع دی جاتی ہے کہ بتاریخ مقررہ بوقت 8 بجے صبح اصالتاً یا وکالتاً حاضر عدالت ہو کر جواب دعویٰ داخل کرے بصورت دیگر کارروائی یکطرفہ عمل میں لائی جائے گی
بحوالہ مقدمہ مذکور عنوان بالا میں مدعا علیہ کو اطلاع دی جاتی ہے کہ مدعیہ نے دعویٰ دائر کیا ہے مدعا علیہ باوجود کوشش تعمیل سمن نہیں ہو رہی لہذا بذریعہ اشتہار اخبار ہذا اطلاع دی جاتی ہے کہ بتاریخ مقررہ بوقت 8 بجے صبح اصالتاً یا وکالتاً حاضر عدالت ہو کر جواب دعویٰ داخل کرے بصورت دیگر کارروائی یکطرفہ عمل میں لائی جائے گی
بحوالہ مقدمہ مذکور عنوان بالا میں مدعا علیہ کو اطلاع دی جاتی ہے کہ مدعیہ نے دعویٰ دائر کیا ہے مدعا علیہ باوجود کوشش تعمیل سمن نہیں ہو رہی لہذا بذریعہ اشتہار اخبار ہذا اطلاع دی جاتی ہے کہ بتاریخ مقررہ بوقت 8 بجے صبح اصالتاً یا وکالتاً حاضر عدالت ہو کر جواب دعویٰ داخل کرے بصورت دیگر کارروائی یکطرفہ عمل میں لائی جائے گی
